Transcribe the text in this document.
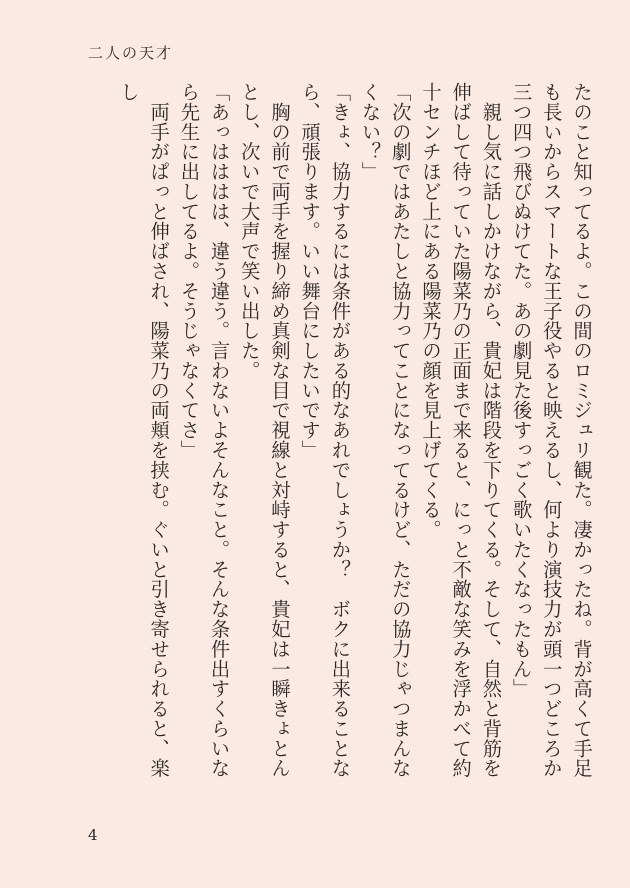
二人の天才

たのこと知ってるよ。この間のロミジュリ観た。凄かったね。背が高くて手足も長いからスマートな王子役やると映えるし、何より演技力が頭一つどころか三つ四つ飛びぬけてた。あの劇見た後すっごく歌いたくなったもん」

　親し気に話しかけながら、貴妃は階段を下りてくる。そして、自然と背筋を伸ばして待っていた陽菜乃の正面まで来ると、にっと不敵な笑みを浮かべて約十センチほど上にある陽菜乃の顔を見上げてくる。

「次の劇ではあたしと協力ってことになってるけど、ただの協力じゃつまんなくない？」

「きょ、協力するには条件がある的なあれでしょうか？　ボクに出来ることなら、頑張ります。いい舞台にしたいです」

　胸の前で両手を握り締め真剣な目で視線と対峙すると、貴妃は一瞬きょとんとし、次いで大声で笑い出した。

「あっはははは、違う違う。言わないよそんなこと。そんな条件出すくらいなら先生に出してるよ。そうじゃなくてさ」

　両手がぱっと伸ばされ、陽菜乃の両頬を挟む。ぐいと引き寄せられると、楽し

4
